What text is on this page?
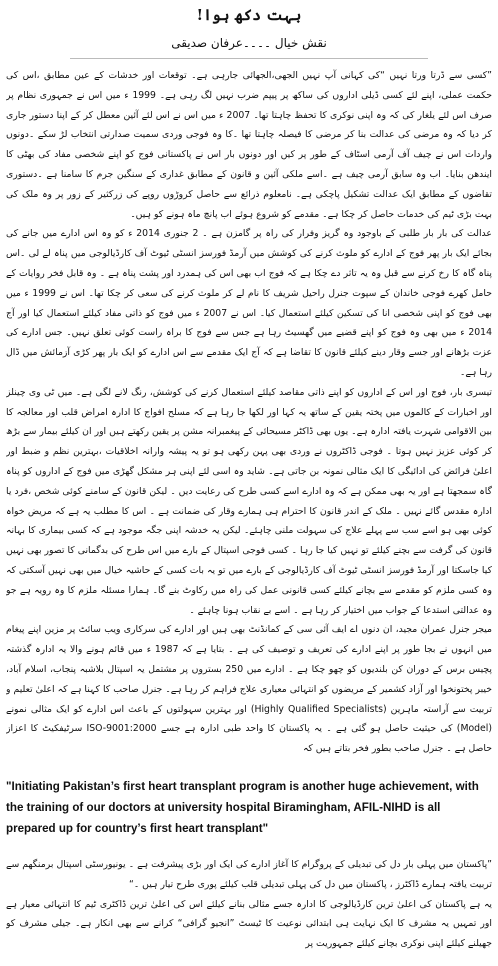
بہت دکھ ہوا!
نقش خیال ۔۔۔۔عرفان صدیقی

”کسی سے ڈرتا ورتا نہیں “کی کہانی آپ نہیں الجھی،الجھائی جارہی ہے۔ توقعات اور خدشات کے عین مطابق ،اس کی حکمت عملی، اپنے لئے کسی ڈیلی اداروں کی ساکھ پر پیپم ضرب نہیں لگ رہی ہے۔ 1999 ء میں اس نے جمہوری نظام پر صرف اس لئے یلغار کی کہ وہ اپنی نوکری کا تحفظ چاہتا تھا۔ 2007 ء میں اس نے اس لئے آئین معطل کر کے اپنا دستور جاری کر دیا کہ وہ مرضی کی عدالت بنا کر مرضی کا فیصلہ چاہتا تھا ۔کا وہ فوجی وردی سمیت صدارتی انتخاب لڑ سکے ۔دونوں واردات اس نے چیف آف آرمی اسٹاف کے طور پر کیں اور دونوں بار اس نے پاکستانی فوج کو اپنے شخصی مفاد کی بھٹی کا ایندھن بنایا۔ اب وہ سابق آرمی چیف ہے ۔اسے ملکی آئین و قانون کے مطابق غداری کے سنگین جرم کا سامنا ہے ۔دستوری تقاضوں کے مطابق ایک عدالت تشکیل پاچکی ہے۔ نامعلوم ذرائع سے حاصل کروڑوں روپے کی زرکثیر کے زور پر وہ ملک کی بہت بڑی ٹیم کی خدمات حاصل کر چکا ہے۔ مقدمے کو شروع ہوئے اب پانچ ماہ ہونے کو ہیں۔

عدالت کی بار بار طلبی کے باوجود وہ گریز وفرار کی راہ پر گامزن ہے ۔ 2 جنوری 2014 ء کو وہ اس ادارے میں جانے کی بجائے ایک بار پھر فوج کے ادارے کو ملوث کرنے کی کوشش میں آرمڈ فورسز انسٹی ٹیوٹ آف کارڈیالوجی میں پناہ لے لی ۔اس پناہ گاہ کا رخ کرنے سے قبل وہ یہ تاثر دے چکا ہے کہ فوج اب بھی اس کی ہمدرد اور پشت پناہ ہے ۔ وہ قابل فخر روایات کے حامل کھرے فوجی خاندان کے سپوت جنرل راحیل شریف کا نام لے کر ملوث کرنے کی سعی کر چکا تھا۔ اس نے 1999 ء میں بھی فوج کو اپنی شخصی انا کی تسکین کیلئے استعمال کیا۔ اس نے 2007 ء میں فوج کو ذاتی مفاد کیلئے استعمال کیا اور آج 2014 ء میں بھی وہ فوج کو اپنے قضیے میں گھسیٹ رہا ہے جس سے فوج کا براہ راست کوئی تعلق نہیں۔ جس ادارے کی عزت بڑھانے اور جسے وقار دینے کیلئے قانون کا تقاضا ہے کہ آج ایک مقدمے سے اس ادارے کو ایک بار پھر کڑی آزمائش میں ڈال رہا ہے۔

تیسری بار، فوج اور اس کے اداروں کو اپنے ذاتی مقاصد کیلئے استعمال کرنے کی کوشش، رنگ لانے لگی ہے۔ میں ٹی وی چینلز اور اخبارات کے کالموں میں پختہ یقین کے ساتھ یہ کہا اور لکھا جا رہا ہے کہ مسلح افواج کا ادارہ امراض قلب اور معالجہ کا بین الاقوامی شہرت یافتہ ادارہ ہے۔ یوں بھی ڈاکٹر مسیحائی کے پیغمبرانہ مشن پر یقین رکھتے ہیں اور ان کیلئے بیمار سے بڑھ کر کوئی عزیز نہیں ہوتا ۔ فوجی ڈاکٹروں نے وردی بھی پہن رکھی ہو تو یہ پیشہ وارانہ اخلاقیات ،بہترین نظم و ضبط اور اعلیٰ فرائض کی ادائیگی کا ایک مثالی نمونہ بن جاتی ہے۔ شاید وہ اسی لئے اپنی ہر مشکل گھڑی میں فوج کے اداروں کو پناہ گاہ سمجھتا ہے اور یہ بھی ممکن ہے کہ وہ ادارے اسے کسی طرح کی رعایت دیں ۔ لیکن قانون کے سامنے کوئی شخص ،فرد یا ادارہ مقدس گائے نہیں ۔ ملک کے اندر قانون کا احترام ہی ہمارے وقار کی ضمانت ہے ۔ اس کا مطلب یہ ہے کہ مریض خواہ کوئی بھی ہو اسے سب سے پہلے علاج کی سہولت ملنی چاہئے۔ لیکن یہ خدشہ اپنی جگہ موجود ہے کہ کسی بیماری کا بہانہ قانون کی گرفت سے بچنے کیلئے تو نہیں کیا جا رہا ۔ کسی فوجی اسپتال کے بارے میں اس طرح کی بدگمانی کا تصور بھی نہیں کیا جاسکتا اور آرمڈ فورسز انسٹی ٹیوٹ آف کارڈیالوجی کے بارے میں تو یہ بات کسی کے حاشیہ خیال میں بھی نہیں آسکتی کہ وہ کسی ملزم کو مقدمے سے بچانے کیلئے کسی قانونی عمل کی راہ میں رکاوٹ بنے گا۔ ہمارا مسئلہ ملزم کا وہ رویہ ہے جو وہ عدالتی استدعا کے جواب میں اختیار کر رہا ہے ۔ اسے بے نقاب ہونا چاہئے ۔

میجر جنرل عمران مجید، ان دنوں اے ایف آئی سی کے کمانڈنٹ بھی ہیں اور ادارے کی سرکاری ویب سائٹ پر مزین اپنے پیغام میں انہوں نے بجا طور پر اپنے ادارے کی تعریف و توصیف کی ہے ۔ بتایا ہے کہ 1987 ء میں قائم ہونے والا یہ ادارہ گذشتہ پچیس برس کے دوران کن بلندیوں کو چھو چکا ہے ۔ ادارے میں 250 بستروں پر مشتمل یہ اسپتال بلاشبہ پنجاب، اسلام آباد، خیبر پختونخوا اور آزاد کشمیر کے مریضوں کو انتہائی معیاری علاج فراہم کر رہا ہے۔ جنرل صاحب کا کہنا ہے کہ اعلیٰ تعلیم و تربیت سے آراستہ ماہرین (Highly Qualified Specialists) اور بہترین سہولتوں کے باعث اس ادارے کو ایک مثالی نمونے (Model) کی حیثیت حاصل ہو گئی ہے ۔ یہ پاکستان کا واحد طبی ادارہ ہے جسے ISO-9001:2000 سرٹیفکیٹ کا اعزاز حاصل ہے ۔ جنرل صاحب بطور فخر بتاتے ہیں کہ

"Initiating Pakistan’s first heart transplant program is another huge achievement, with the training of our doctors at university hospital Biramingham, AFIL-NIHD is all prepared up for country’s first heart transplant"

”پاکستان میں پہلی بار دل کی تبدیلی کے پروگرام کا آغاز ادارے کی ایک اور بڑی پیشرفت ہے ۔ یونیورسٹی اسپتال برمنگھم سے تربیت یافتہ ہمارے ڈاکٹرز ، پاکستان میں دل کی پہلی تبدیلی قلب کیلئے پوری طرح تیار ہیں ۔“

یہ ہے پاکستان کی اعلیٰ ترین کارڈیالوجی کا ادارہ جسے مثالی بنانے کیلئے اس کی اعلیٰ ترین ڈاکٹری ٹیم کا انتہائی معیار ہے اور تمہیں یہ مشرف کا ایک نہایت ہی ابتدائی نوعیت کا ٹیسٹ ”انجیو گرافی“ کرانے سے بھی انکار ہے۔ جیلی مشرف کو جھیلنے کیلئے اپنی نوکری بچانے کیلئے جمہوریت پر
